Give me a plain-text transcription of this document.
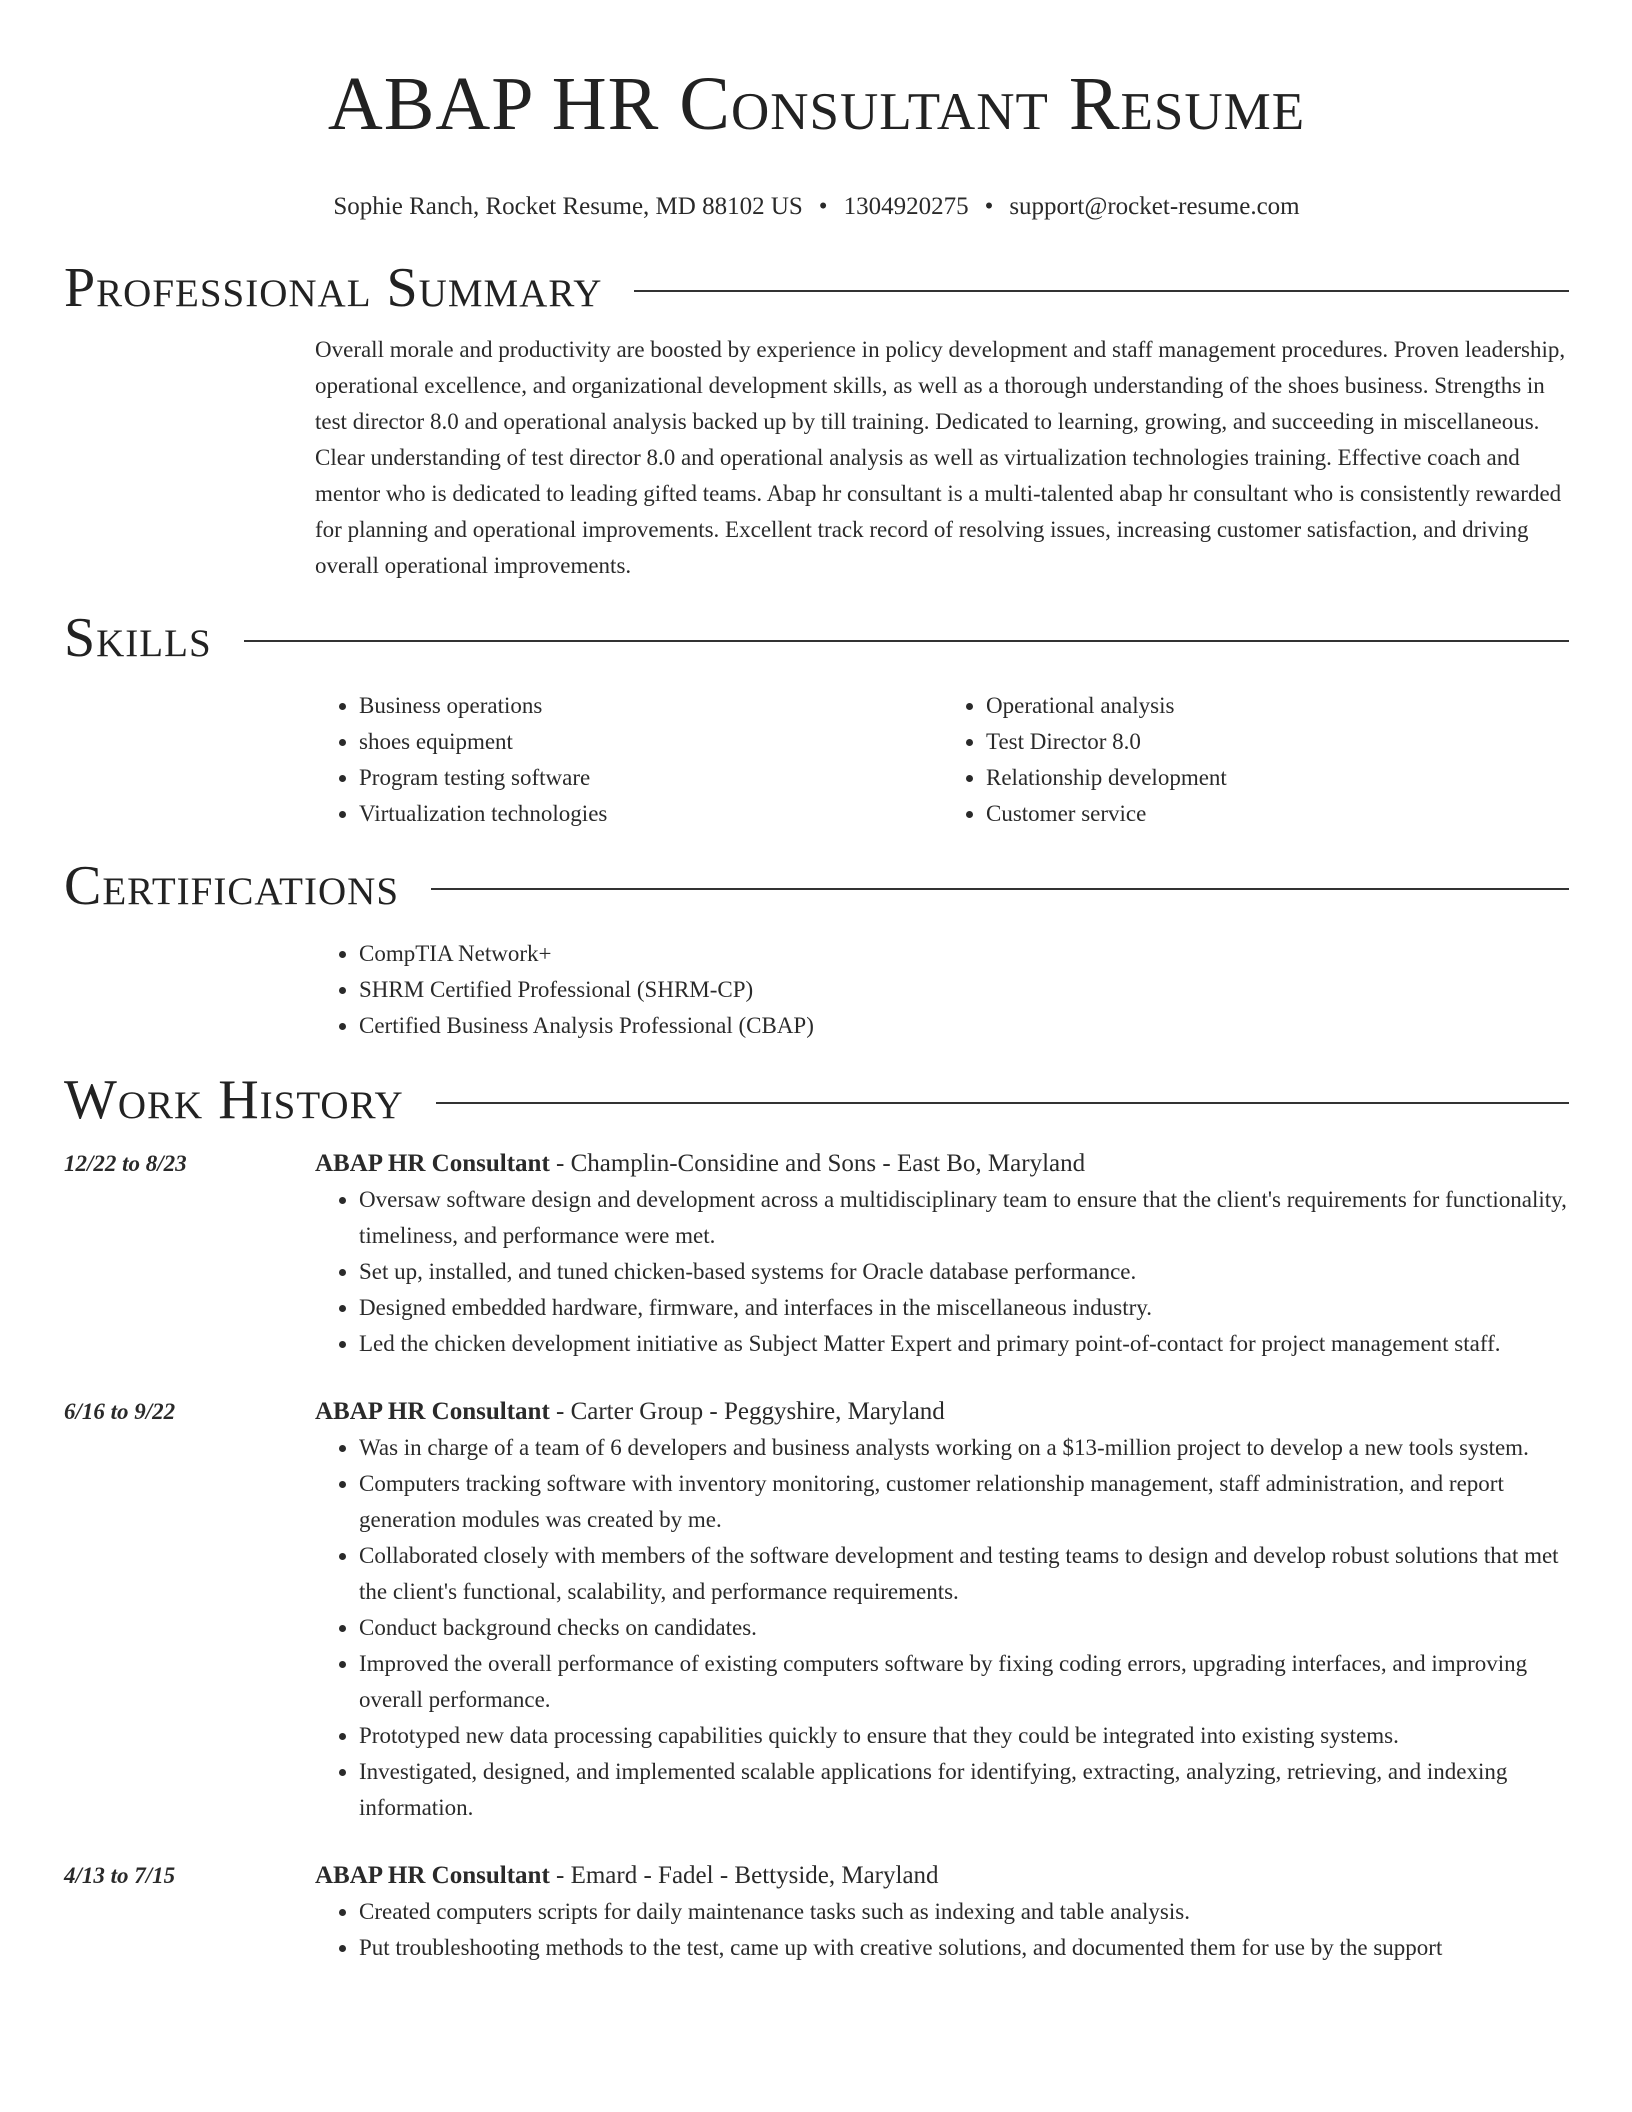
ABAP HR Consultant Resume
Sophie Ranch, Rocket Resume, MD 88102 US • 1304920275 • support@rocket-resume.com
Professional Summary

Overall morale and productivity are boosted by experience in policy development and staff management procedures. Proven leadership, operational excellence, and organizational development skills, as well as a thorough understanding of the shoes business. Strengths in test director 8.0 and operational analysis backed up by till training. Dedicated to learning, growing, and succeeding in miscellaneous. Clear understanding of test director 8.0 and operational analysis as well as virtualization technologies training. Effective coach and mentor who is dedicated to leading gifted teams. Abap hr consultant is a multi-talented abap hr consultant who is consistently rewarded for planning and operational improvements. Excellent track record of resolving issues, increasing customer satisfaction, and driving overall operational improvements.

Skills
• Business operations
• shoes equipment
• Program testing software
• Virtualization technologies
• Operational analysis
• Test Director 8.0
• Relationship development
• Customer service
Certifications
• CompTIA Network+
• SHRM Certified Professional (SHRM-CP)
• Certified Business Analysis Professional (CBAP)
Work History
12/22 to 8/23	ABAP HR Consultant - Champlin-Considine and Sons - East Bo, Maryland
• Oversaw software design and development across a multidisciplinary team to ensure that the client's requirements for functionality, timeliness, and performance were met.
• Set up, installed, and tuned chicken-based systems for Oracle database performance.
• Designed embedded hardware, firmware, and interfaces in the miscellaneous industry.
• Led the chicken development initiative as Subject Matter Expert and primary point-of-contact for project management staff.
6/16 to 9/22	ABAP HR Consultant - Carter Group - Peggyshire, Maryland
• Was in charge of a team of 6 developers and business analysts working on a $13-million project to develop a new tools system.
• Computers tracking software with inventory monitoring, customer relationship management, staff administration, and report generation modules was created by me.
• Collaborated closely with members of the software development and testing teams to design and develop robust solutions that met the client's functional, scalability, and performance requirements.
• Conduct background checks on candidates.
• Improved the overall performance of existing computers software by fixing coding errors, upgrading interfaces, and improving overall performance.
• Prototyped new data processing capabilities quickly to ensure that they could be integrated into existing systems.
• Investigated, designed, and implemented scalable applications for identifying, extracting, analyzing, retrieving, and indexing information.
4/13 to 7/15	ABAP HR Consultant - Emard - Fadel - Bettyside, Maryland
• Created computers scripts for daily maintenance tasks such as indexing and table analysis.
• Put troubleshooting methods to the test, came up with creative solutions, and documented them for use by the support
